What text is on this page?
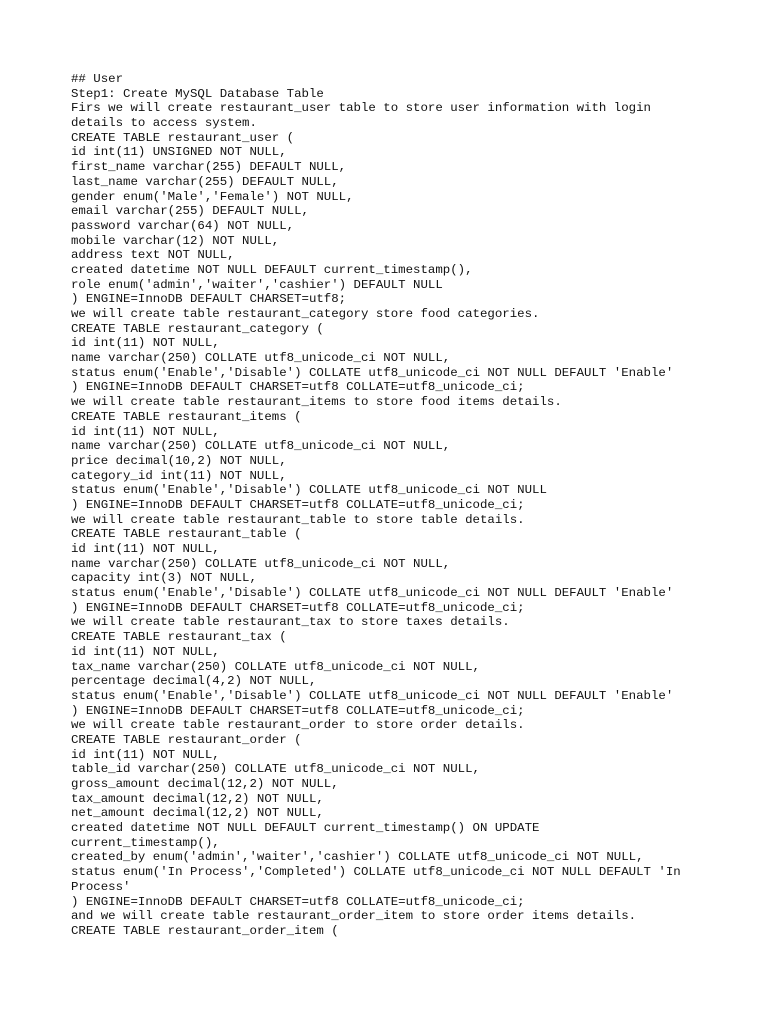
## User
Step1: Create MySQL Database Table
Firs we will create restaurant_user table to store user information with login
details to access system.
CREATE TABLE restaurant_user (
id int(11) UNSIGNED NOT NULL,
first_name varchar(255) DEFAULT NULL,
last_name varchar(255) DEFAULT NULL,
gender enum('Male','Female') NOT NULL,
email varchar(255) DEFAULT NULL,
password varchar(64) NOT NULL,
mobile varchar(12) NOT NULL,
address text NOT NULL,
created datetime NOT NULL DEFAULT current_timestamp(),
role enum('admin','waiter','cashier') DEFAULT NULL
) ENGINE=InnoDB DEFAULT CHARSET=utf8;
we will create table restaurant_category store food categories.
CREATE TABLE restaurant_category (
id int(11) NOT NULL,
name varchar(250) COLLATE utf8_unicode_ci NOT NULL,
status enum('Enable','Disable') COLLATE utf8_unicode_ci NOT NULL DEFAULT 'Enable'
) ENGINE=InnoDB DEFAULT CHARSET=utf8 COLLATE=utf8_unicode_ci;
we will create table restaurant_items to store food items details.
CREATE TABLE restaurant_items (
id int(11) NOT NULL,
name varchar(250) COLLATE utf8_unicode_ci NOT NULL,
price decimal(10,2) NOT NULL,
category_id int(11) NOT NULL,
status enum('Enable','Disable') COLLATE utf8_unicode_ci NOT NULL
) ENGINE=InnoDB DEFAULT CHARSET=utf8 COLLATE=utf8_unicode_ci;
we will create table restaurant_table to store table details.
CREATE TABLE restaurant_table (
id int(11) NOT NULL,
name varchar(250) COLLATE utf8_unicode_ci NOT NULL,
capacity int(3) NOT NULL,
status enum('Enable','Disable') COLLATE utf8_unicode_ci NOT NULL DEFAULT 'Enable'
) ENGINE=InnoDB DEFAULT CHARSET=utf8 COLLATE=utf8_unicode_ci;
we will create table restaurant_tax to store taxes details.
CREATE TABLE restaurant_tax (
id int(11) NOT NULL,
tax_name varchar(250) COLLATE utf8_unicode_ci NOT NULL,
percentage decimal(4,2) NOT NULL,
status enum('Enable','Disable') COLLATE utf8_unicode_ci NOT NULL DEFAULT 'Enable'
) ENGINE=InnoDB DEFAULT CHARSET=utf8 COLLATE=utf8_unicode_ci;
we will create table restaurant_order to store order details.
CREATE TABLE restaurant_order (
id int(11) NOT NULL,
table_id varchar(250) COLLATE utf8_unicode_ci NOT NULL,
gross_amount decimal(12,2) NOT NULL,
tax_amount decimal(12,2) NOT NULL,
net_amount decimal(12,2) NOT NULL,
created datetime NOT NULL DEFAULT current_timestamp() ON UPDATE
current_timestamp(),
created_by enum('admin','waiter','cashier') COLLATE utf8_unicode_ci NOT NULL,
status enum('In Process','Completed') COLLATE utf8_unicode_ci NOT NULL DEFAULT 'In
Process'
) ENGINE=InnoDB DEFAULT CHARSET=utf8 COLLATE=utf8_unicode_ci;
and we will create table restaurant_order_item to store order items details.
CREATE TABLE restaurant_order_item (
